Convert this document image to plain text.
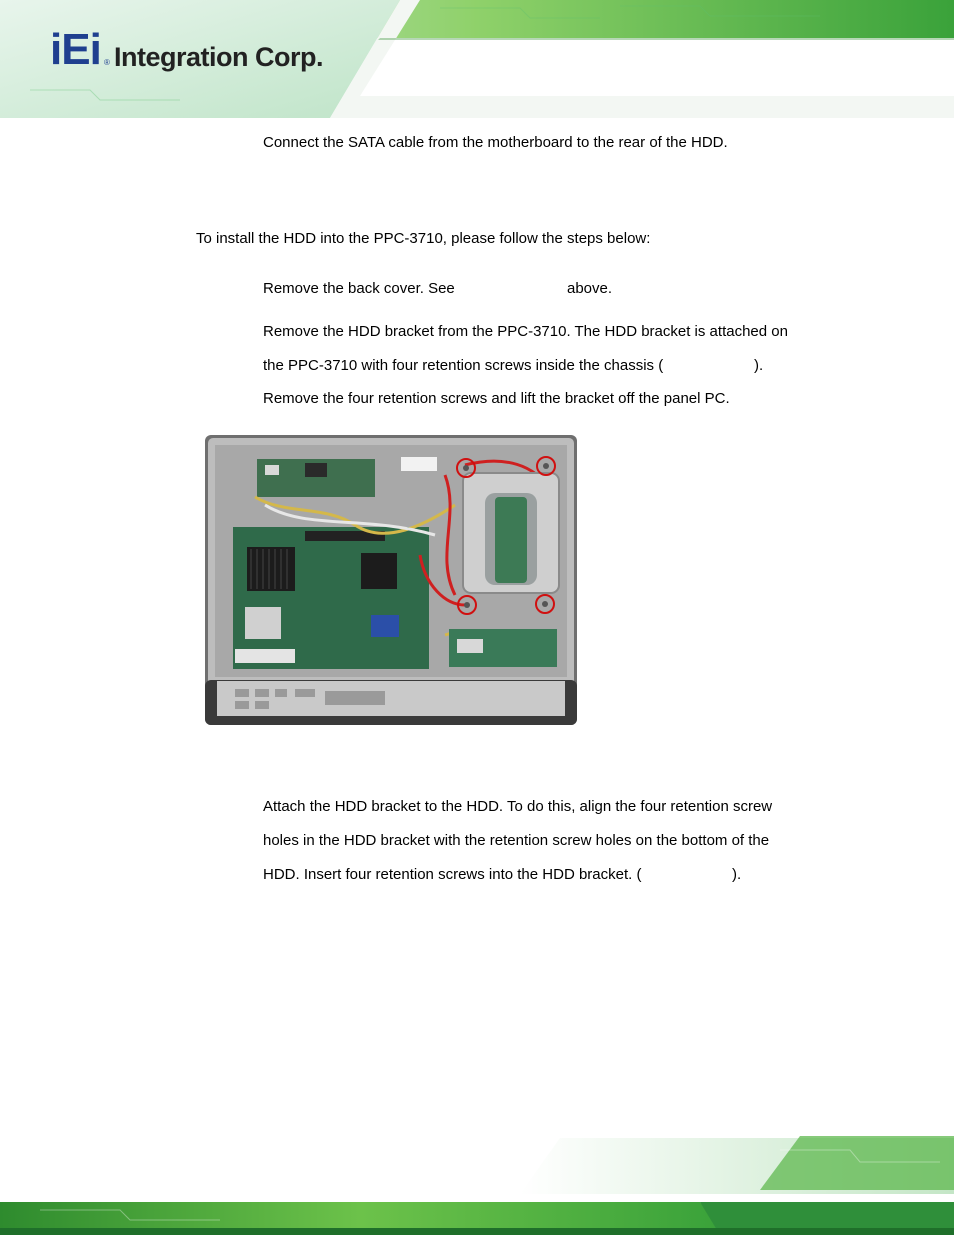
iEi ® Integration Corp.
Connect the SATA cable from the motherboard to the rear of the HDD.
To install the HDD into the PPC-3710, please follow the steps below:
Remove the back cover. See	above.
Remove the HDD bracket from the PPC-3710. The HDD bracket is attached on
the PPC-3710 with four retention screws inside the chassis (	).
Remove the four retention screws and lift the bracket off the panel PC.
Attach the HDD bracket to the HDD. To do this, align the four retention screw
holes in the HDD bracket with the retention screw holes on the bottom of the
HDD. Insert four retention screws into the HDD bracket. (	).
